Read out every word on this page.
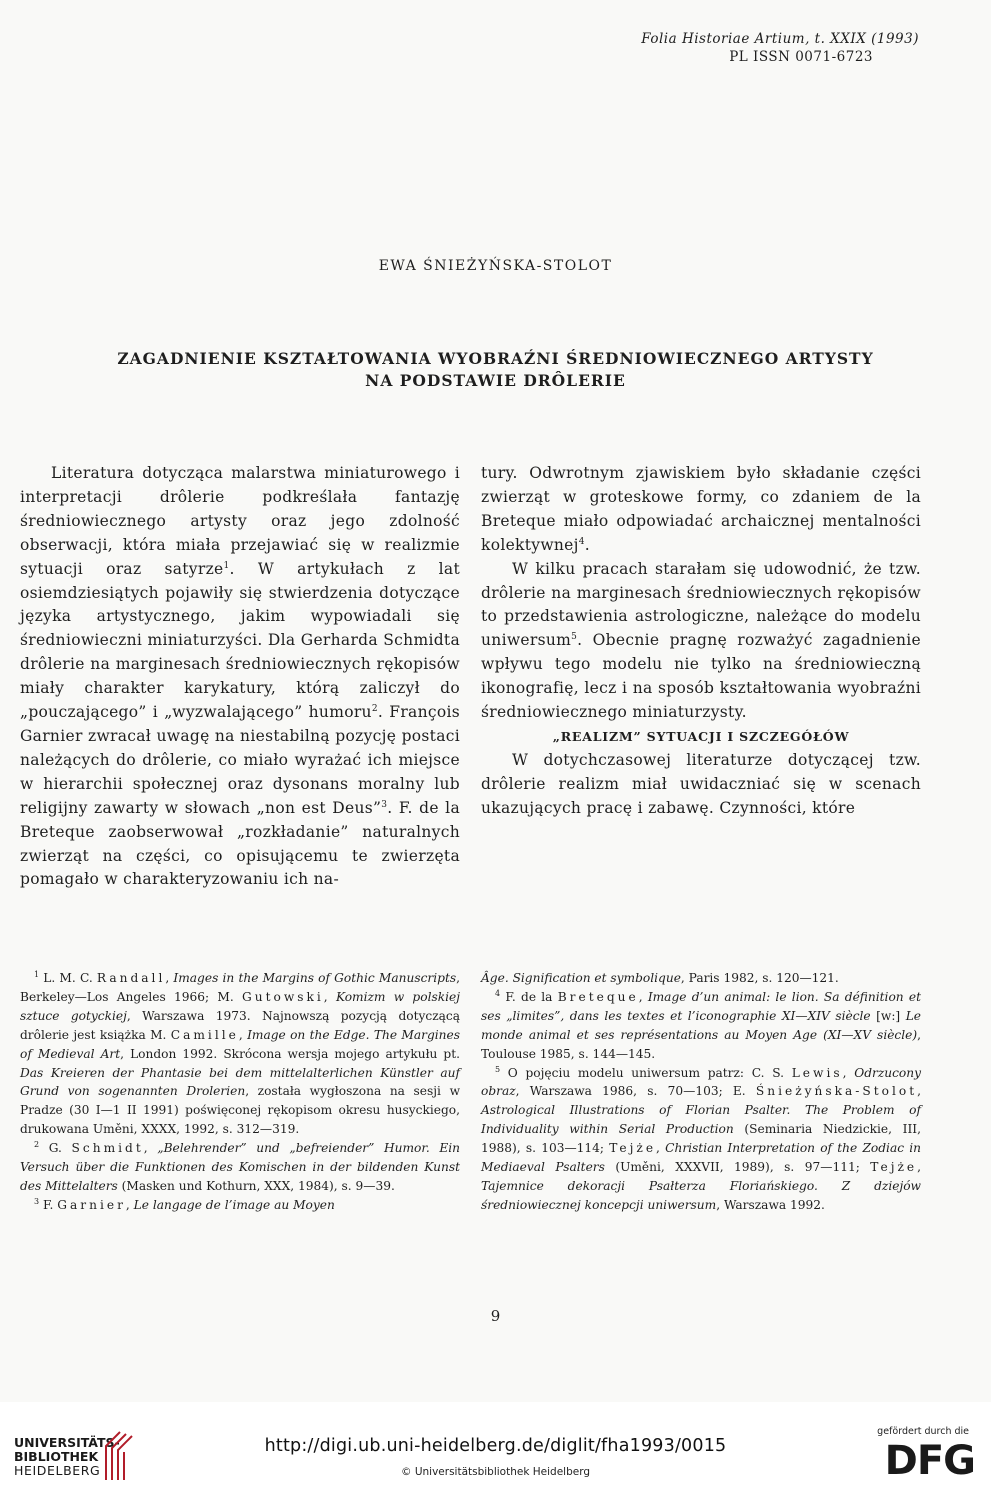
Folia Historiae Artium, t. XXIX (1993)
PL ISSN 0071-6723
EWA ŚNIEŻYŃSKA-STOLOT
ZAGADNIENIE KSZTAŁTOWANIA WYOBRAŹNI ŚREDNIOWIECZNEGO ARTYSTY
NA PODSTAWIE DRÔLERIE

Literatura dotycząca malarstwa miniaturowego i interpretacji drôlerie podkreślała fantazję średniowiecznego artysty oraz jego zdolność obserwacji, która miała przejawiać się w realizmie sytuacji oraz satyrze$^1$. W artykułach z lat osiemdziesiątych pojawiły się stwierdzenia dotyczące języka artystycznego, jakim wypowiadali się średniowieczni miniaturzyści. Dla Gerharda Schmidta drôlerie na marginesach średniowiecznych rękopisów miały charakter karykatury, którą zaliczył do „pouczającego” i „wyzwalającego” humoru$^2$. François Garnier zwracał uwagę na niestabilną pozycję postaci należących do drôlerie, co miało wyrażać ich miejsce w hierarchii społecznej oraz dysonans moralny lub religijny zawarty w słowach „non est Deus”$^3$. F. de la Breteque zaobserwował „rozkładanie” naturalnych zwierząt na części, co opisującemu te zwierzęta pomagało w charakteryzowaniu ich na-

tury. Odwrotnym zjawiskiem było składanie części zwierząt w groteskowe formy, co zdaniem de la Breteque miało odpowiadać archaicznej mentalności kolektywnej$^4$.

W kilku pracach starałam się udowodnić, że tzw. drôlerie na marginesach średniowiecznych rękopisów to przedstawienia astrologiczne, należące do modelu uniwersum$^5$. Obecnie pragnę rozważyć zagadnienie wpływu tego modelu nie tylko na średniowieczną ikonografię, lecz i na sposób kształtowania wyobraźni średniowiecznego miniaturzysty.

„REALIZM” SYTUACJI I SZCZEGÓŁÓW

W dotychczasowej literaturze dotyczącej tzw. drôlerie realizm miał uwidaczniać się w scenach ukazujących pracę i zabawę. Czynności, które

$^1$ L. M. C. Randall, Images in the Margins of Gothic Manuscripts, Berkeley—Los Angeles 1966; M. Gutowski, Komizm w polskiej sztuce gotyckiej, Warszawa 1973. Najnowszą pozycją dotyczącą drôlerie jest książka M. Camille, Image on the Edge. The Margines of Medieval Art, London 1992. Skrócona wersja mojego artykułu pt. Das Kreieren der Phantasie bei dem mittelalterlichen Künstler auf Grund von sogenannten Drolerien, została wygłoszona na sesji w Pradze (30 I—1 II 1991) poświęconej rękopisom okresu husyckiego, drukowana Uměni, XXXX, 1992, s. 312—319.

$^2$ G. Schmidt, „Belehrender” und „befreiender” Humor. Ein Versuch über die Funktionen des Komischen in der bildenden Kunst des Mittelalters (Masken und Kothurn, XXX, 1984), s. 9—39.

$^3$ F. Garnier, Le langage de l’image au Moyen

Âge. Signification et symbolique, Paris 1982, s. 120—121.

$^4$ F. de la Breteque, Image d’un animal: le lion. Sa définition et ses „limites”, dans les textes et l’iconographie XI—XIV siècle [w:] Le monde animal et ses représentations au Moyen Age (XI—XV siècle), Toulouse 1985, s. 144—145.

$^5$ O pojęciu modelu uniwersum patrz: C. S. Lewis, Odrzucony obraz, Warszawa 1986, s. 70—103; E. Śnieżyńska-Stolot, Astrological Illustrations of Florian Psalter. The Problem of Individuality within Serial Production (Seminaria Niedzickie, III, 1988), s. 103—114; Tejże, Christian Interpretation of the Zodiac in Mediaeval Psalters (Uměni, XXXVII, 1989), s. 97—111; Tejże, Tajemnice dekoracji Psałterza Floriańskiego. Z dziejów średniowiecznej koncepcji uniwersum, Warszawa 1992.

9
UNIVERSITÄTS-
BIBLIOTHEK
HEIDELBERG
http://digi.ub.uni-heidelberg.de/diglit/fha1993/0015
© Universitätsbibliothek Heidelberg
gefördert durch die
DFG
